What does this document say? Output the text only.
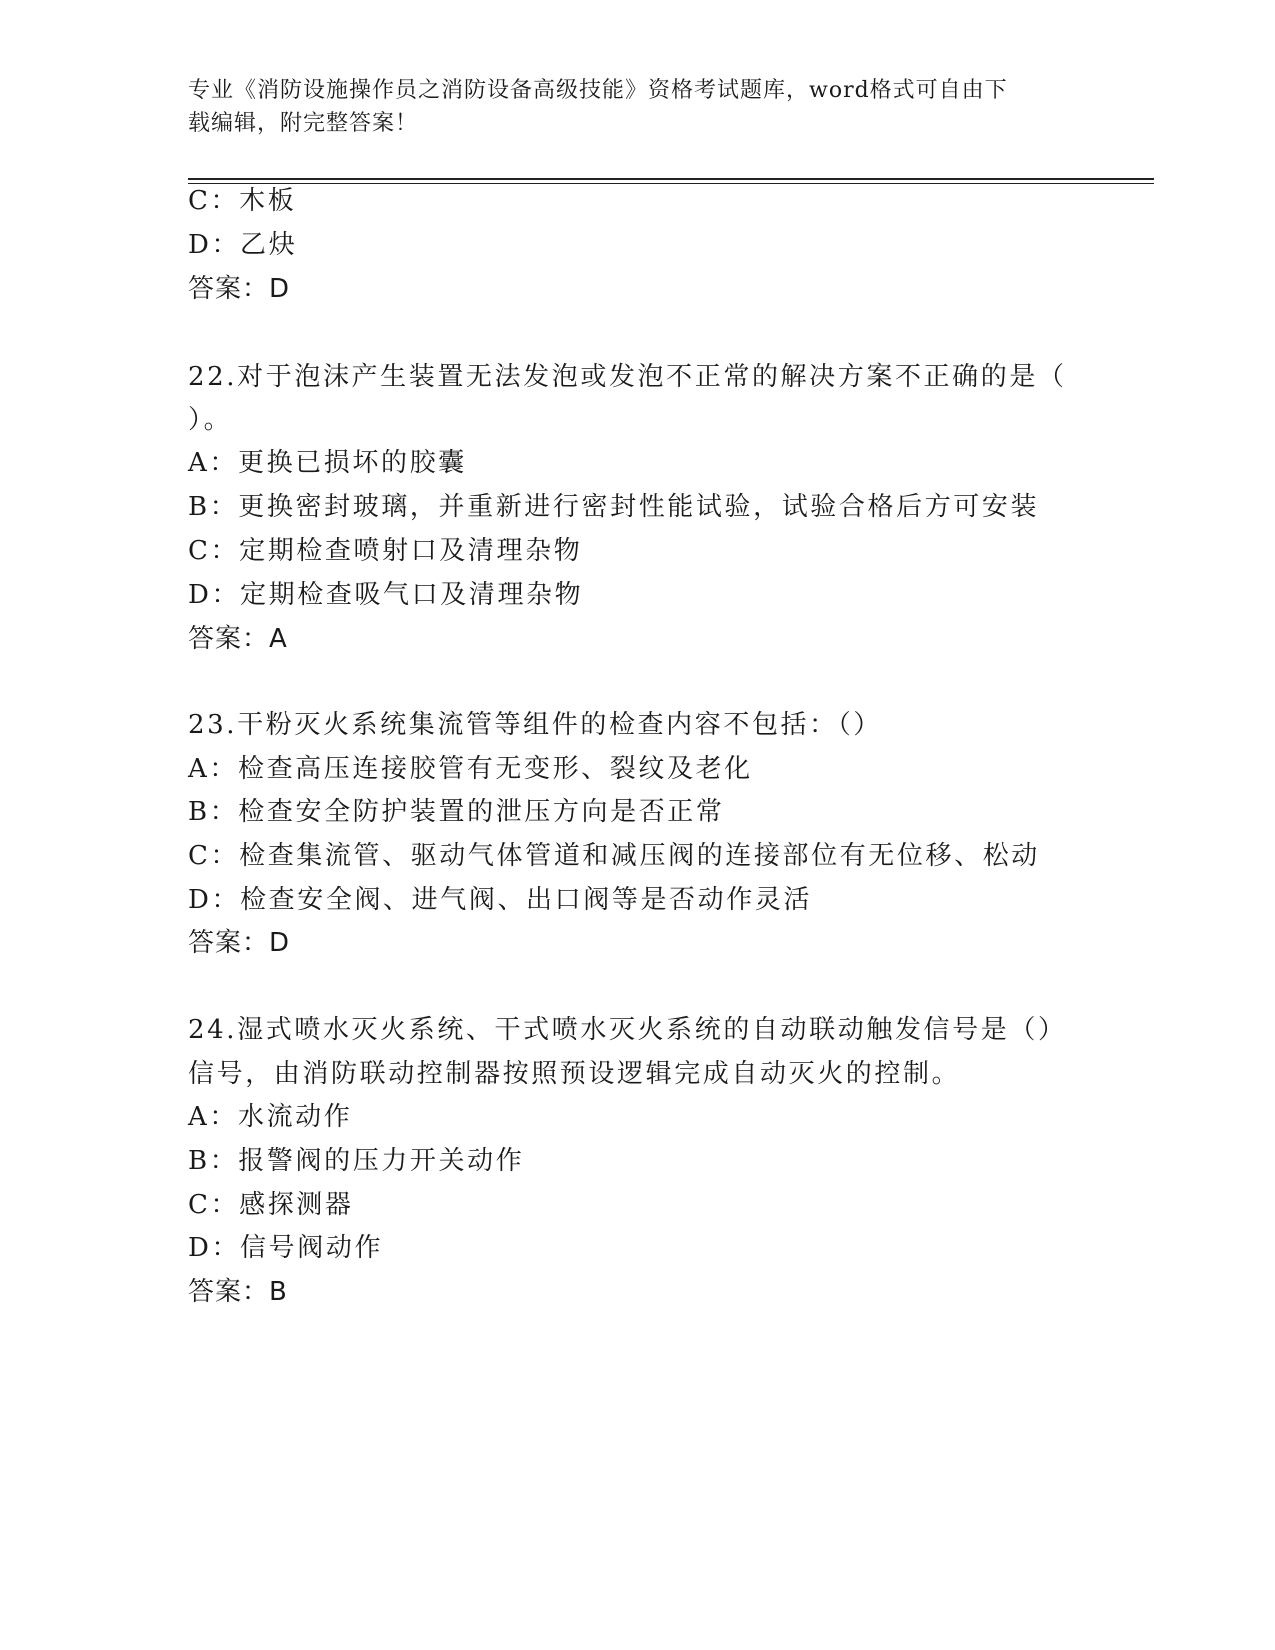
专业《消防设施操作员之消防设备高级技能》资格考试题库，word格式可自由下
载编辑，附完整答案！
C：木板
D：乙炔
答案：D
22.对于泡沫产生装置无法发泡或发泡不正常的解决方案不正确的是（
）。
A：更换已损坏的胶囊
B：更换密封玻璃，并重新进行密封性能试验，试验合格后方可安装
C：定期检查喷射口及清理杂物
D：定期检查吸气口及清理杂物
答案：A
23.干粉灭火系统集流管等组件的检查内容不包括：（）
A：检查高压连接胶管有无变形、裂纹及老化
B：检查安全防护装置的泄压方向是否正常
C：检查集流管、驱动气体管道和减压阀的连接部位有无位移、松动
D：检查安全阀、进气阀、出口阀等是否动作灵活
答案：D
24.湿式喷水灭火系统、干式喷水灭火系统的自动联动触发信号是（）
信号，由消防联动控制器按照预设逻辑完成自动灭火的控制。
A：水流动作
B：报警阀的压力开关动作
C：感探测器
D：信号阀动作
答案：B
